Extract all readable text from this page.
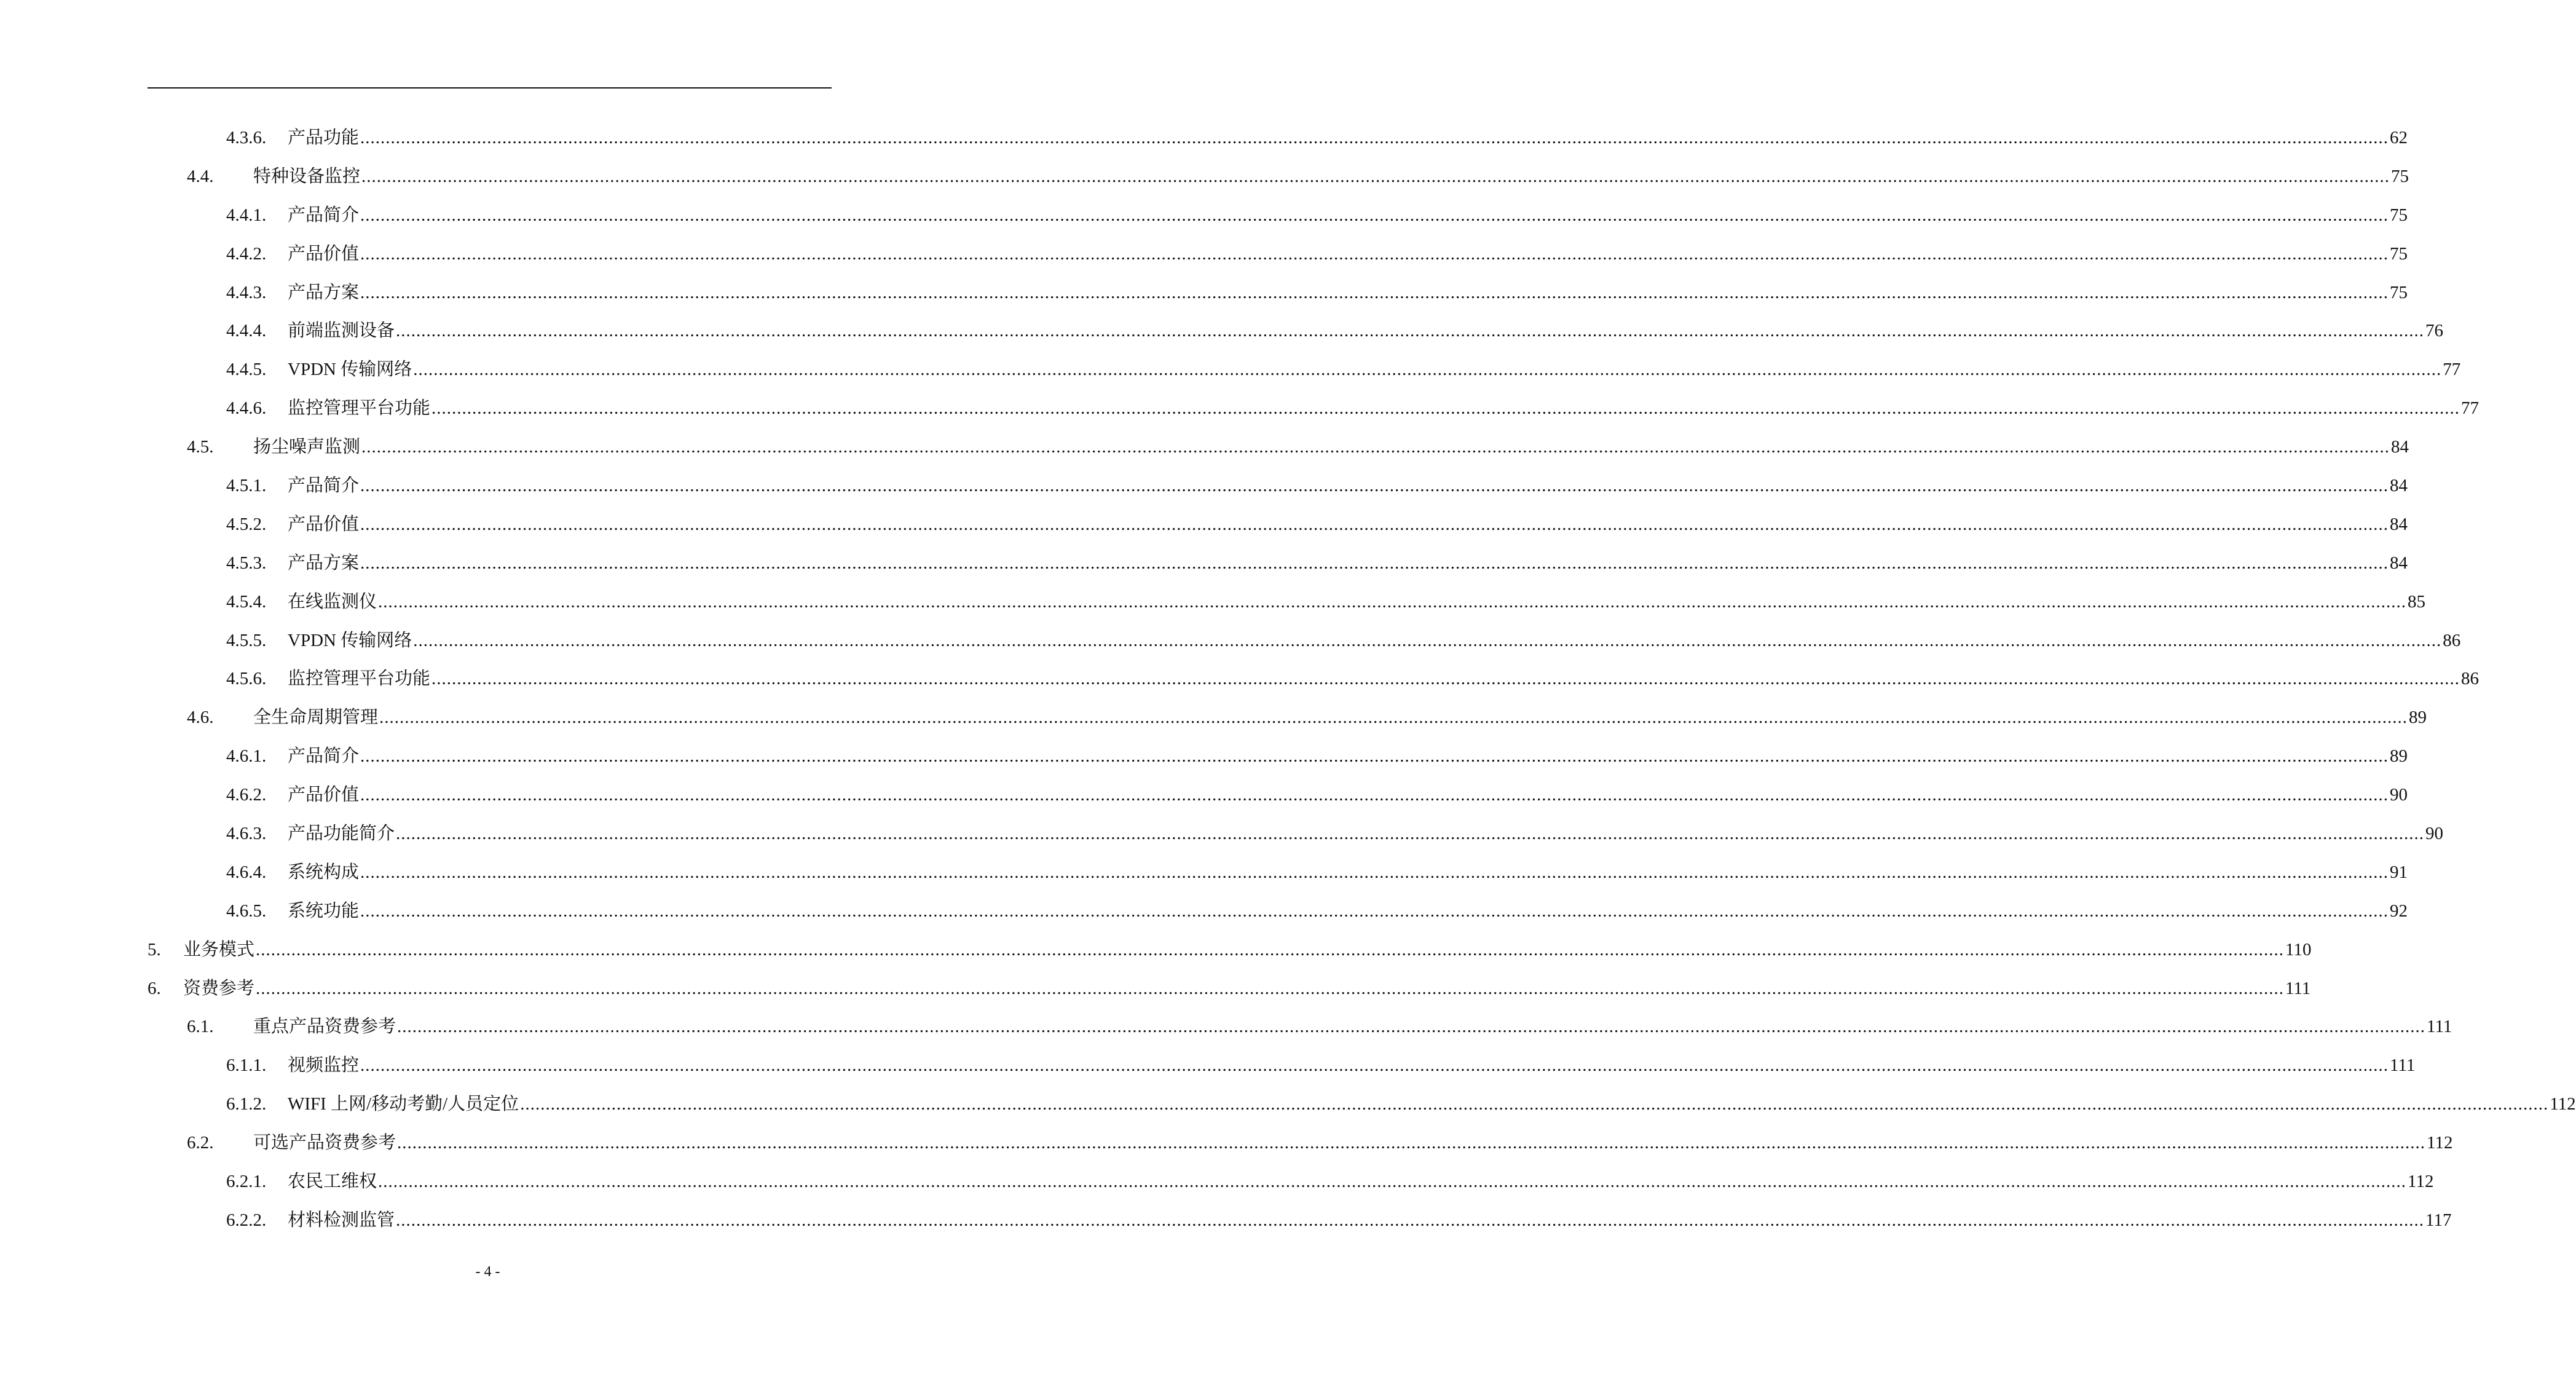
4.3.6. 产品功能 ................................................................................................................................................................................................................................................................................................................................................................................................................ 62
4.4. 特种设备监控 ................................................................................................................................................................................................................................................................................................................................................................................................................ 75
4.4.1. 产品简介 ................................................................................................................................................................................................................................................................................................................................................................................................................ 75
4.4.2. 产品价值 ................................................................................................................................................................................................................................................................................................................................................................................................................ 75
4.4.3. 产品方案 ................................................................................................................................................................................................................................................................................................................................................................................................................ 75
4.4.4. 前端监测设备 ................................................................................................................................................................................................................................................................................................................................................................................................................ 76
4.4.5. VPDN 传输网络 ................................................................................................................................................................................................................................................................................................................................................................................................................ 77
4.4.6. 监控管理平台功能 ................................................................................................................................................................................................................................................................................................................................................................................................................ 77
4.5. 扬尘噪声监测 ................................................................................................................................................................................................................................................................................................................................................................................................................ 84
4.5.1. 产品简介 ................................................................................................................................................................................................................................................................................................................................................................................................................ 84
4.5.2. 产品价值 ................................................................................................................................................................................................................................................................................................................................................................................................................ 84
4.5.3. 产品方案 ................................................................................................................................................................................................................................................................................................................................................................................................................ 84
4.5.4. 在线监测仪 ................................................................................................................................................................................................................................................................................................................................................................................................................ 85
4.5.5. VPDN 传输网络 ................................................................................................................................................................................................................................................................................................................................................................................................................ 86
4.5.6. 监控管理平台功能 ................................................................................................................................................................................................................................................................................................................................................................................................................ 86
4.6. 全生命周期管理 ................................................................................................................................................................................................................................................................................................................................................................................................................ 89
4.6.1. 产品简介 ................................................................................................................................................................................................................................................................................................................................................................................................................ 89
4.6.2. 产品价值 ................................................................................................................................................................................................................................................................................................................................................................................................................ 90
4.6.3. 产品功能简介 ................................................................................................................................................................................................................................................................................................................................................................................................................ 90
4.6.4. 系统构成 ................................................................................................................................................................................................................................................................................................................................................................................................................ 91
4.6.5. 系统功能 ................................................................................................................................................................................................................................................................................................................................................................................................................ 92
5. 业务模式 ................................................................................................................................................................................................................................................................................................................................................................................................................ 110
6. 资费参考 ................................................................................................................................................................................................................................................................................................................................................................................................................ 111
6.1. 重点产品资费参考 ................................................................................................................................................................................................................................................................................................................................................................................................................ 111
6.1.1. 视频监控 ................................................................................................................................................................................................................................................................................................................................................................................................................ 111
6.1.2. WIFI 上网/移动考勤/人员定位 ................................................................................................................................................................................................................................................................................................................................................................................................................ 112
6.2. 可选产品资费参考 ................................................................................................................................................................................................................................................................................................................................................................................................................ 112
6.2.1. 农民工维权 ................................................................................................................................................................................................................................................................................................................................................................................................................ 112
6.2.2. 材料检测监管 ................................................................................................................................................................................................................................................................................................................................................................................................................ 117
- 4 -
